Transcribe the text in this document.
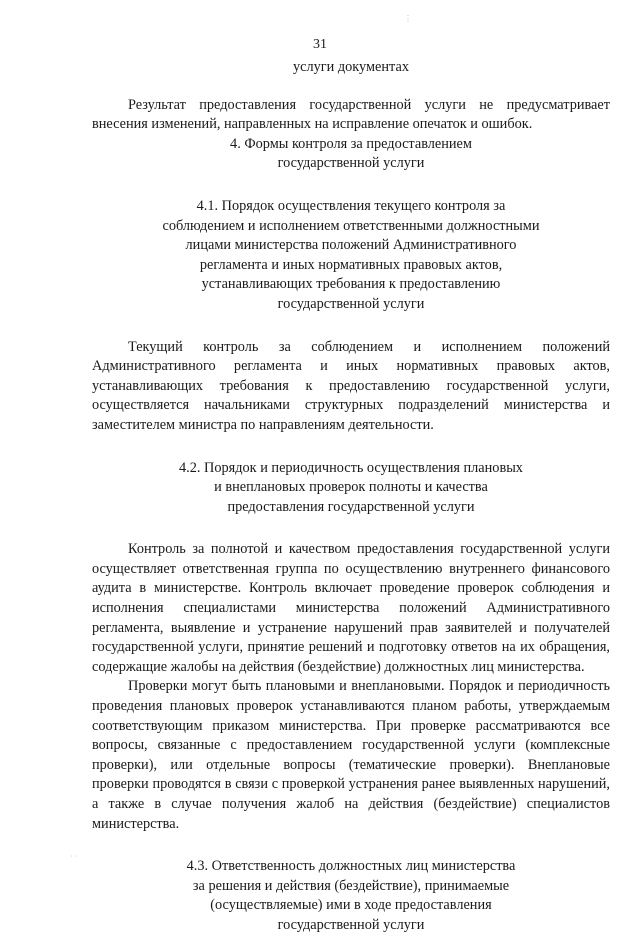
31

услуги документах

Результат предоставления государственной услуги не предусматривает внесения изменений, направленных на исправление опечаток и ошибок.

4. Формы контроля за предоставлением

государственной услуги

4.1. Порядок осуществления текущего контроля за

соблюдением и исполнением ответственными должностными

лицами министерства положений Административного

регламента и иных нормативных правовых актов,

устанавливающих требования к предоставлению

государственной услуги

Текущий контроль за соблюдением и исполнением положений Административного регламента и иных нормативных правовых актов, устанавливающих требования к предоставлению государственной услуги, осуществляется начальниками структурных подразделений министерства и заместителем министра по направлениям деятельности.

4.2. Порядок и периодичность осуществления плановых

и внеплановых проверок полноты и качества

предоставления государственной услуги

Контроль за полнотой и качеством предоставления государственной услуги осуществляет ответственная группа по осуществлению внутреннего финансового аудита в министерстве. Контроль включает проведение проверок соблюдения и исполнения специалистами министерства положений Административного регламента, выявление и устранение нарушений прав заявителей и получателей государственной услуги, принятие решений и подготовку ответов на их обращения, содержащие жалобы на действия (бездействие) должностных лиц министерства.

Проверки могут быть плановыми и внеплановыми. Порядок и периодичность проведения плановых проверок устанавливаются планом работы, утверждаемым соответствующим приказом министерства. При проверке рассматриваются все вопросы, связанные с предоставлением государственной услуги (комплексные проверки), или отдельные вопросы (тематические проверки). Внеплановые проверки проводятся в связи с проверкой устранения ранее выявленных нарушений, а также в случае получения жалоб на действия (бездействие) специалистов министерства.

4.3. Ответственность должностных лиц министерства

за решения и действия (бездействие), принимаемые

(осуществляемые) ими в ходе предоставления

государственной услуги

⋮
· ·
